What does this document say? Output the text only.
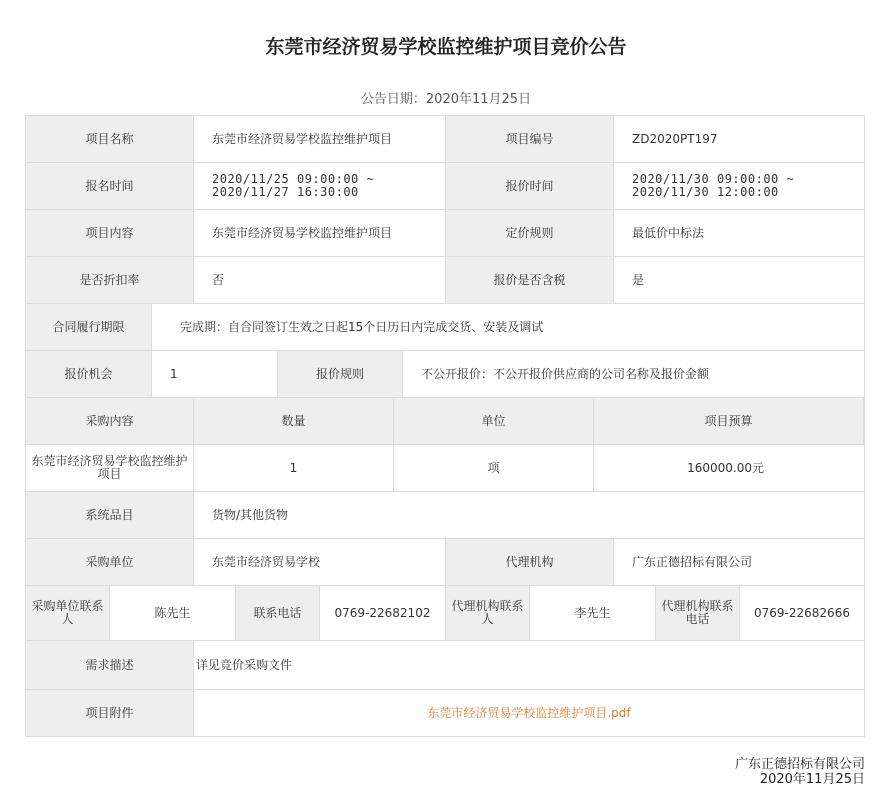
东莞市经济贸易学校监控维护项目竞价公告
公告日期：2020年11月25日
项目名称	东莞市经济贸易学校监控维护项目	项目编号	ZD2020PT197
报名时间	2020/11/25 09:00:00 ~
2020/11/27 16:30:00	报价时间	2020/11/30 09:00:00 ~
2020/11/30 12:00:00
项目内容	东莞市经济贸易学校监控维护项目	定价规则	最低价中标法
是否折扣率	否	报价是否含税	是
合同履行期限	完成期：自合同签订生效之日起15个日历日内完成交货、安装及调试
报价机会	1	报价规则	不公开报价：不公开报价供应商的公司名称及报价金额
采购内容	数量	单位	项目预算
东莞市经济贸易学校监控维护
项目	1	项	160000.00元
系统品目	货物/其他货物
采购单位	东莞市经济贸易学校	代理机构	广东正德招标有限公司
采购单位联系
人	陈先生	联系电话	0769-22682102	代理机构联系
人	李先生	代理机构联系
电话	0769-22682666
需求描述	详见竞价采购文件
项目附件	东莞市经济贸易学校监控维护项目.pdf
广东正德招标有限公司
2020年11月25日
